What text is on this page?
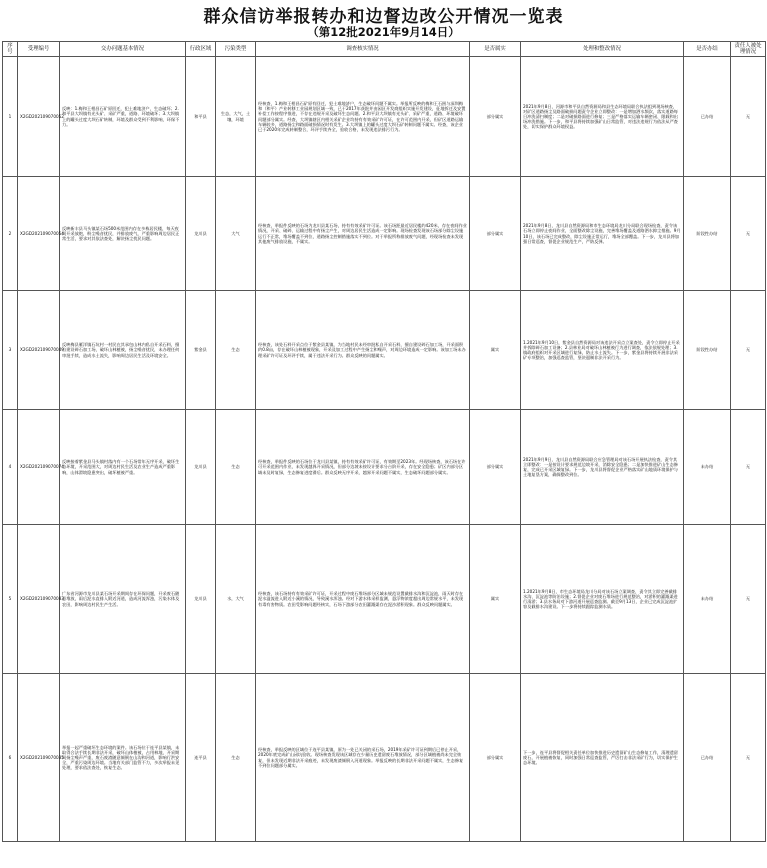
群众信访举报转办和边督边改公开情况一览表
（第12批2021年9月14日）
序号	受理编号	交办问题基本情况	行政区域	污染类型	调查核实情况	是否属实	处理和整改情况	是否办结	责任人被处理情况
1	X2GD202109070052	反映：1.梅和王相昌石矿原回迁，犯土难地济户，生态破坏；2.和平县大坝镇有光头矿、采矿严重，道路、环境破坏；3.大坝镇上的罐头过度大坝石矿转制，环境及群众受到不利影响，环保不力。	和平县	生态，大气，土壤，环境	经核查，1.梅和王相昌石矿原有回迁，犯土难地济户，生态破坏问题不属实。举报所反映的梅和王石围与深圳梅和（和平）产业转移工业园规划区域一致，已于2017年获批并由园区开发商组织实施开发建设，征地拆迁及安置补偿工作按程序推进，不存在违规开采及破坏生态问题。2.和平县大坝镇有光头矿、采矿严重，道路、环境破坏问题部分属实。经查，大坝镇辖区内相关采矿企业均持有有效采矿许可证，在许可范围内开采，但矿区道路运输车辆较多，道路扬尘和路面破损情况时有发生。3.大坝镇上的罐头过度大坝石矿转制问题不属实。经查，该企业已于2020年完成转制整合，环评手续齐全，验收合格，未发现违法排污行为。	部分属实	2021年9月8日，河源市和平县自然资源局和县生态环境局联合执法组到现场核查，对矿区道路扬尘及路面破损问题责令企业立即整改：一是增加洒水频次，落实道路每日冲洗清扫制度；二是对破损路面进行修复；三是严格落实运输车辆密闭、限载和出场冲洗措施。下一步，和平县将持续加强矿山日常监管，对违法违规行为依法从严查处，切实保护群众环境权益。	已办结	无
2	X2GD202109070054	反映新丰县马头镇某石场500米范围内存在多栋居民楼，每天夜间开采放炮，粉尘噪音扰民，并排放废气，严重影响周边居民正常生活，要求对其依法查处，解决扬尘扰民问题。	龙川县	大气	经核查，举报件反映的石场为龙川县某石场，持有有效采矿许可证。该石场距最近居民楼约420米，存在夜间作业情况，开采、破碎、运输过程中有扬尘产生，对周边居民生活造成一定影响。现场检查发现该石场部分除尘设施运行不正常，堆场覆盖不到位，道路扬尘控制措施落实不到位。对于举报所称排放废气问题，经现场检查未发现其他废气排放设施，不属实。	部分属实	2021年9月8日，龙川县自然资源局和市生态环境局龙川分局联合现场检查，责令该石场立即停止夜间作业，全面整改除尘设施，完善堆场覆盖及道路洒水抑尘措施。9月10日，该石场已完成整改，除尘设施正常运行，堆场全部覆盖。下一步，龙川县将加强日常巡查，督促企业规范生产，严防反弹。	阶段性办结	无
3	X2GD202109070049	反映梅县雁洋镇石坑村一村民在其承包山林内私自开采石料，擅自建设碎石加工场，破坏山林植被，扬尘噪音扰民，未办理任何审批手续，造成水土流失，影响周边居民生活及环境安全。	紫金县	生态	经核查，该处石料开采点位于紫金县某镇，为当地村民未经审批私自开采石料，擅自建设碎石加工场，开采面积约0.8亩，存在破坏山林植被现象，开采及加工过程中产生扬尘和噪声，对周边环境造成一定影响。该加工场未办理采矿许可证及环评手续，属于违法开采行为。群众反映的问题属实。	属实	1.2021年9月10日，紫金县自然资源局对该违法开采点立案查处，责令立即停止开采并拆除碎石加工设备；2.县林业局对破坏山林植被行为进行调查，依法依规处理；3.镇政府组织对开采区域进行复绿，防止水土流失。下一步，紫金县将持续开展非法采矿专项整治，加强巡查监管，坚决遏制非法开采行为。	阶段性办结	无
4	X2GD202109070074	反映接着紫金县马头镇村落内有一个石场常年无序开采，破坏生态环境，开采范围大，对周边村民生活及农业生产造成严重影响，山体滑坡隐患突出，破坏植被严重。	龙川县	生态	经核查，举报件反映的石场位于龙川县某镇，持有有效采矿许可证，有效期至2023年。经现场核查，该石场在许可开采范围内作业，未发现越界开采情况，但部分边坡未按设计要求分台阶开采，存在安全隐患；矿区内部分区域未及时复绿，生态修复进度滞后。群众反映无序开采、越界开采问题不属实，生态破坏问题部分属实。	部分属实	2021年9月9日，龙川县自然资源局联合应急管理局对该石场开展执法检查，责令其立即整改：一是按设计要求规范边坡开采，消除安全隐患；二是加快推进矿山生态修复，完成已开采区域复绿。下一步，龙川县将督促企业严格落实矿山地质环境保护与土地复垦方案，确保整改到位。	未办结	无
5	X2GD202109070083	广东省河源市龙川县某石场开采期间存在环保问题，开采废石随意堆放，雨后泥水直排入附近河道，造成河流浑浊，污染水体及农田，影响周边村民生产生活。	龙川县	水，大气	经核查，该石场持有有效采矿许可证，开采过程中废石堆场部分区域未规范设置截排水沟和沉淀池，雨天时存在泥水溢流进入附近小溪的情况，导致溪水浑浊。经对下游水体采样监测，悬浮物浓度超出周边常规水平，未发现有毒有害物质。农田受影响问题经核实，石场下游部分农田灌溉渠存在泥沙淤积现象。群众反映问题属实。	属实	1.2021年9月8日，市生态环境局龙川分局对该石场立案调查，责令其立即完善截排水沟、沉淀池等防治设施；2.督促企业对废石堆场进行规范整治，对淤积的灌溉渠进行清淤；3.县水务局对下游河道开展巡查监测。截至9月13日，企业已完成沉淀池扩容及截排水沟建设。下一步将持续跟踪监测水质。	未办结	无
6	X2GD202109070035	举报一起严重破坏生态环境的案件。该石场位于连平县某镇，未取得合法手续长期非法开采，破坏山体植被，占用林地，开采期间扬尘噪声严重，废石废渣随意倾倒在山沟和河道，影响行洪安全，严重污染周边环境。当地有关部门监管不力，多次举报未见处理，要求依法查处，恢复生态。	连平县	生态	经核查，举报反映的区域位于连平县某镇，原为一处已关闭的采石场，2019年采矿许可证到期后已停止开采，2020年底完成矿山闭坑验收。现场核查发现该区域存在少量历史遗留废石堆放情况，部分区域植被尚未完全恢复，但未发现近期非法开采痕迹，未发现废渣倾倒入河道现象。举报反映的长期非法开采问题不属实，生态修复不到位问题部分属实。	部分属实	下一步，连平县将督促相关责任单位加快推进历史遗留矿山生态修复工作，清理遗留废石，开展植被恢复，同时加强日常巡查监管，严厉打击非法采矿行为，切实保护生态环境。	已办结	无
